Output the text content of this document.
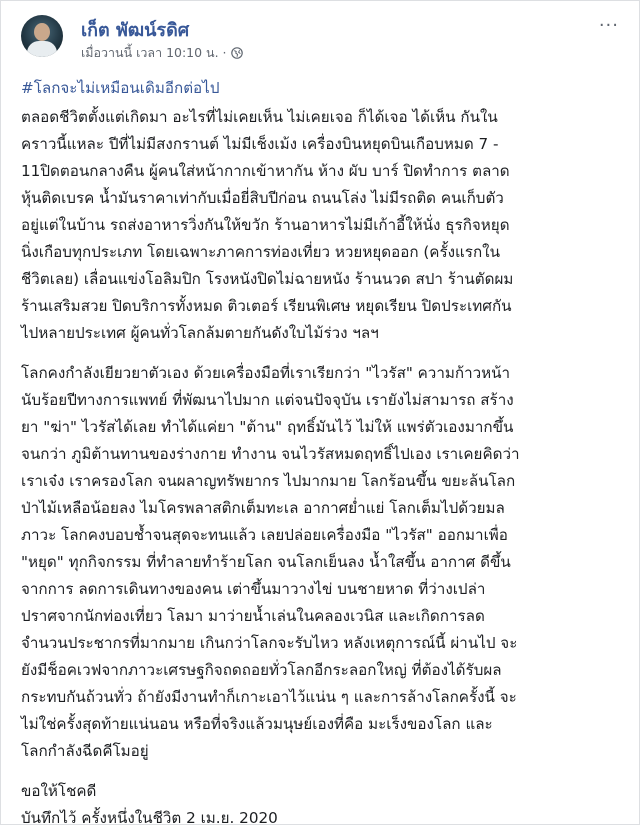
เก็ต พัฒน์รดิศ
เมื่อวานนี้ เวลา 10:10 น. ·
···
#โลกจะไม่เหมือนเดิมอีกต่อไป

ตลอดชีวิตตั้งแต่เกิดมา อะไรที่ไม่เคยเห็น ไม่เคยเจอ ก็ได้เจอ ได้เห็น กันใน
คราวนี้แหละ ปีที่ไม่มีสงกรานต์ ไม่มีเช็งเม้ง เครื่องบินหยุดบินเกือบหมด 7 -
11ปิดตอนกลางคืน ผู้คนใส่หน้ากากเข้าหากัน ห้าง ผับ บาร์ ปิดทำการ ตลาด
หุ้นติดเบรค น้ำมันราคาเท่ากับเมื่อยี่สิบปีก่อน ถนนโล่ง ไม่มีรถติด คนเก็บตัว
อยู่แต่ในบ้าน รถส่งอาหารวิ่งกันให้ขวัก ร้านอาหารไม่มีเก้าอี้ให้นั่ง ธุรกิจหยุด
นิ่งเกือบทุกประเภท โดยเฉพาะภาคการท่องเที่ยว หวยหยุดออก (ครั้งแรกใน
ชีวิตเลย) เลื่อนแข่งโอลิมปิก โรงหนังปิดไม่ฉายหนัง ร้านนวด สปา ร้านตัดผม
ร้านเสริมสวย ปิดบริการทั้งหมด ติวเตอร์ เรียนพิเศษ หยุดเรียน ปิดประเทศกัน
ไปหลายประเทศ ผู้คนทั่วโลกล้มตายกันดังใบไม้ร่วง ฯลฯ

โลกคงกำลังเยียวยาตัวเอง ด้วยเครื่องมือที่เราเรียกว่า "ไวรัส" ความก้าวหน้า
นับร้อยปีทางการแพทย์ ที่พัฒนาไปมาก แต่จนปัจจุบัน เรายังไม่สามารถ สร้าง
ยา "ฆ่า" ไวรัสได้เลย ทำได้แค่ยา "ต้าน" ฤทธิ์มันไว้ ไม่ให้ แพร่ตัวเองมากขึ้น
จนกว่า ภูมิต้านทานของร่างกาย ทำงาน จนไวรัสหมดฤทธิ์ไปเอง เราเคยคิดว่า
เราเจ๋ง เราครองโลก จนผลาญทรัพยากร ไปมากมาย โลกร้อนขึ้น ขยะล้นโลก
ป่าไม้เหลือน้อยลง ไมโครพลาสติกเต็มทะเล อากาศย่ำแย่ โลกเต็มไปด้วยมล
ภาวะ โลกคงบอบช้ำจนสุดจะทนแล้ว เลยปล่อยเครื่องมือ "ไวรัส" ออกมาเพื่อ
"หยุด" ทุกกิจกรรม ที่ทำลายทำร้ายโลก จนโลกเย็นลง น้ำใสขึ้น อากาศ ดีขึ้น
จากการ ลดการเดินทางของคน เต่าขึ้นมาวางไข่ บนชายหาด ที่ว่างเปล่า
ปราศจากนักท่องเที่ยว โลมา มาว่ายน้ำเล่นในคลองเวนิส และเกิดการลด
จำนวนประชากรที่มากมาย เกินกว่าโลกจะรับไหว หลังเหตุการณ์นี้ ผ่านไป จะ
ยังมีช็อคเวฟจากภาวะเศรษฐกิจถดถอยทั่วโลกอีกระลอกใหญ่ ที่ต้องได้รับผล
กระทบกันถ้วนทั่ว ถ้ายังมีงานทำก็เกาะเอาไว้แน่น ๆ และการล้างโลกครั้งนี้ จะ
ไม่ใช่ครั้งสุดท้ายแน่นอน หรือที่จริงแล้วมนุษย์เองที่คือ มะเร็งของโลก และ
โลกกำลังฉีดคีโมอยู่

ขอให้โชคดี

บันทึกไว้ ครั้งหนึ่งในชีวิต 2 เม.ย. 2020
